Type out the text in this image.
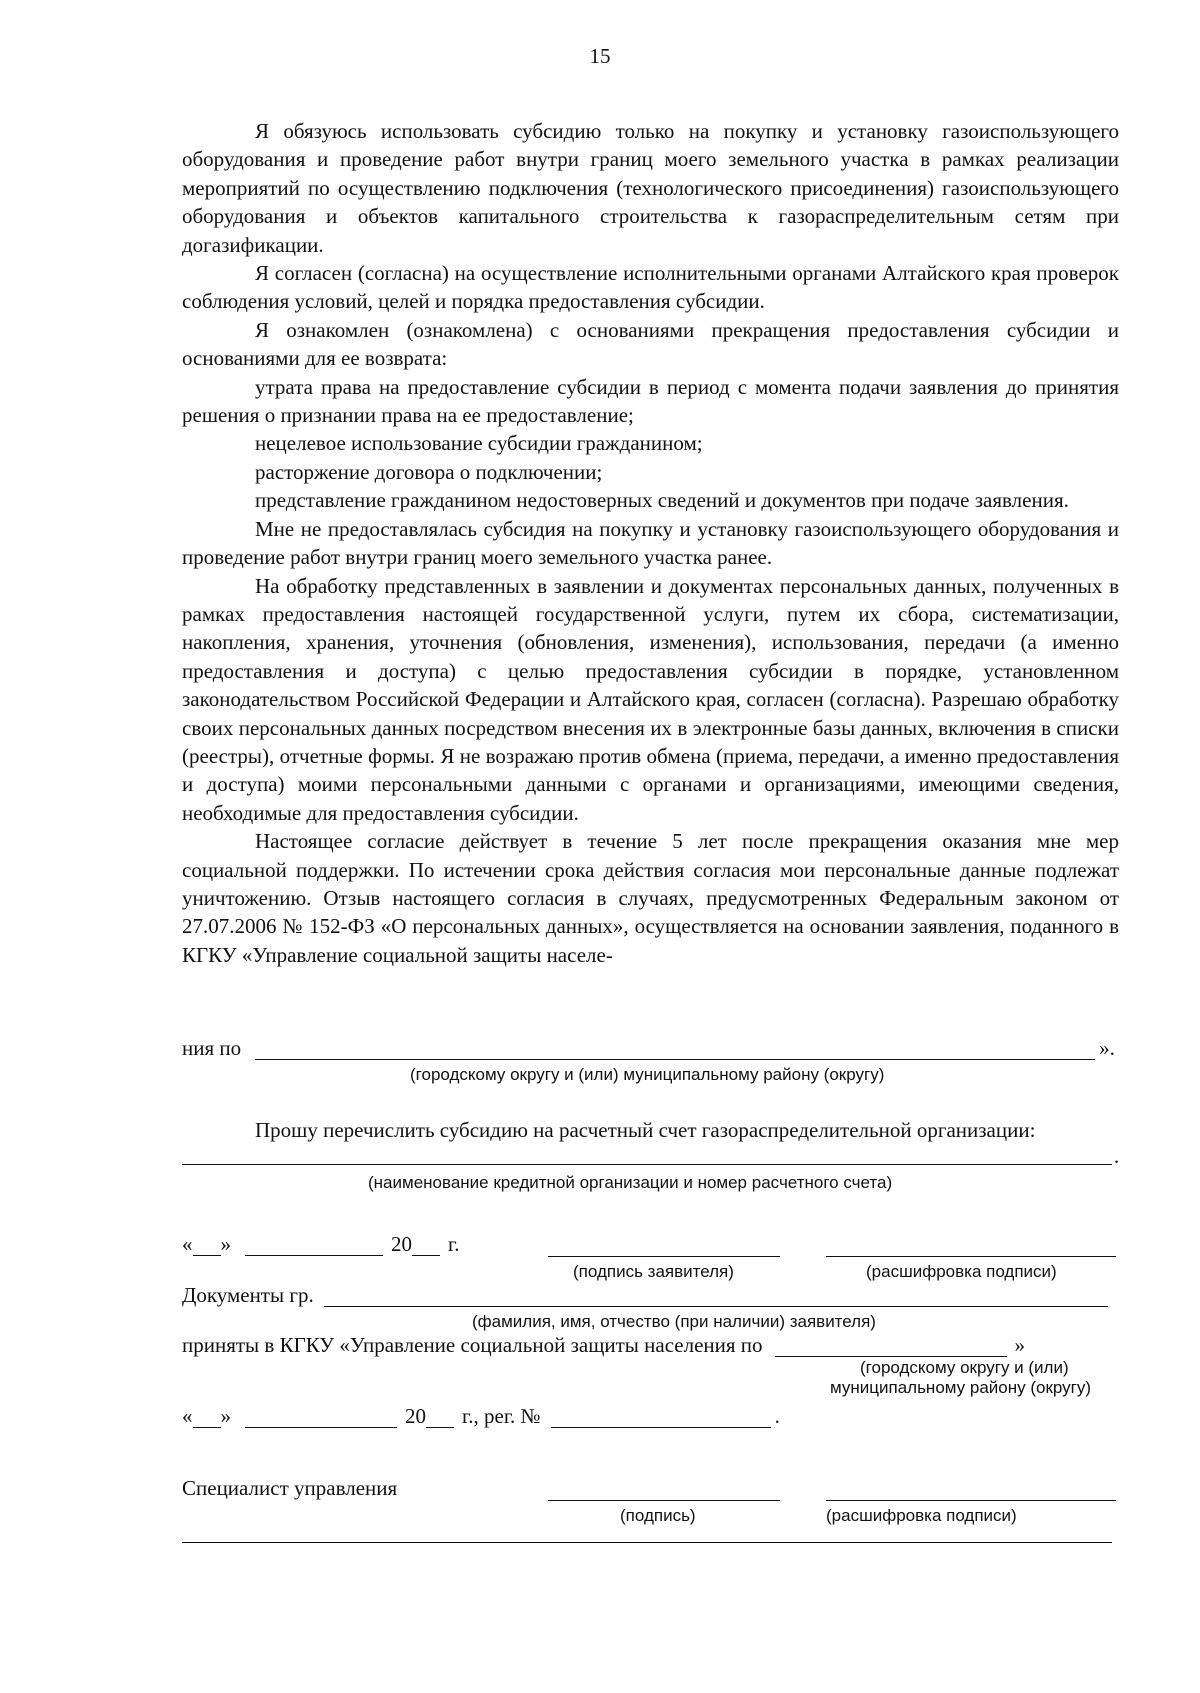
15

Я обязуюсь использовать субсидию только на покупку и установку газоиспользующего оборудования и проведение работ внутри границ моего земельного участка в рамках реализации мероприятий по осуществлению подключения (технологического присоединения) газоиспользующего оборудования и объектов капитального строительства к газораспределительным сетям при догазификации.

Я согласен (согласна) на осуществление исполнительными органами Алтайского края проверок соблюдения условий, целей и порядка предоставления субсидии.

Я ознакомлен (ознакомлена) с основаниями прекращения предоставления субсидии и основаниями для ее возврата:

утрата права на предоставление субсидии в период с момента подачи заявления до принятия решения о признании права на ее предоставление;

нецелевое использование субсидии гражданином;

расторжение договора о подключении;

представление гражданином недостоверных сведений и документов при подаче заявления.

Мне не предоставлялась субсидия на покупку и установку газоиспользующего оборудования и проведение работ внутри границ моего земельного участка ранее.

На обработку представленных в заявлении и документах персональных данных, полученных в рамках предоставления настоящей государственной услуги, путем их сбора, систематизации, накопления, хранения, уточнения (обновления, изменения), использования, передачи (а именно предоставления и доступа) с целью предоставления субсидии в порядке, установленном законодательством Российской Федерации и Алтайского края, согласен (согласна). Разрешаю обработку своих персональных данных посредством внесения их в электронные базы данных, включения в списки (реестры), отчетные формы. Я не возражаю против обмена (приема, передачи, а именно предоставления и доступа) моими персональными данными с органами и организациями, имеющими сведения, необходимые для предоставления субсидии.

Настоящее согласие действует в течение 5 лет после прекращения оказания мне мер социальной поддержки. По истечении срока действия согласия мои персональные данные подлежат уничтожению. Отзыв настоящего согласия в случаях, предусмотренных Федеральным законом от 27.07.2006 № 152-ФЗ «О персональных данных», осуществляется на основании заявления, поданного в КГКУ «Управление социальной защиты населе-

ния по	».
(городскому округу и (или) муниципальному району (округу)
Прошу перечислить субсидию на расчетный счет газораспределительной организации:
.
(наименование кредитной организации и номер расчетного счета)
« »	20 г.
(подпись заявителя)	(расшифровка подписи)
Документы гр.
(фамилия, имя, отчество (при наличии) заявителя)
приняты в КГКУ «Управление социальной защиты населения по	»
(городскому округу и (или)
муниципальному району (округу)
« »	20 г., рег. №	.
Специалист управления
(подпись)	(расшифровка подписи)
